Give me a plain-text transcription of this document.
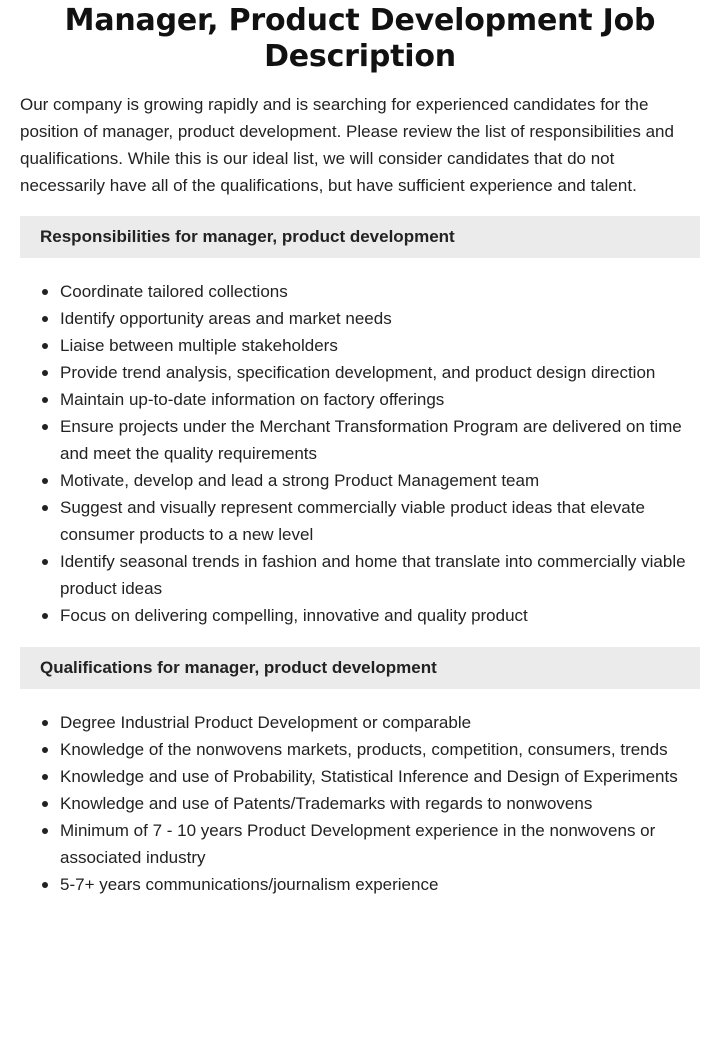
Manager, Product Development Job Description

Our company is growing rapidly and is searching for experienced candidates for the position of manager, product development. Please review the list of responsibilities and qualifications. While this is our ideal list, we will consider candidates that do not necessarily have all of the qualifications, but have sufficient experience and talent.

Responsibilities for manager, product development
Coordinate tailored collections
Identify opportunity areas and market needs
Liaise between multiple stakeholders
Provide trend analysis, specification development, and product design direction
Maintain up-to-date information on factory offerings
Ensure projects under the Merchant Transformation Program are delivered on time and meet the quality requirements
Motivate, develop and lead a strong Product Management team
Suggest and visually represent commercially viable product ideas that elevate consumer products to a new level
Identify seasonal trends in fashion and home that translate into commercially viable product ideas
Focus on delivering compelling, innovative and quality product
Qualifications for manager, product development
Degree Industrial Product Development or comparable
Knowledge of the nonwovens markets, products, competition, consumers, trends
Knowledge and use of Probability, Statistical Inference and Design of Experiments
Knowledge and use of Patents/Trademarks with regards to nonwovens
Minimum of 7 - 10 years Product Development experience in the nonwovens or associated industry
5-7+ years communications/journalism experience
